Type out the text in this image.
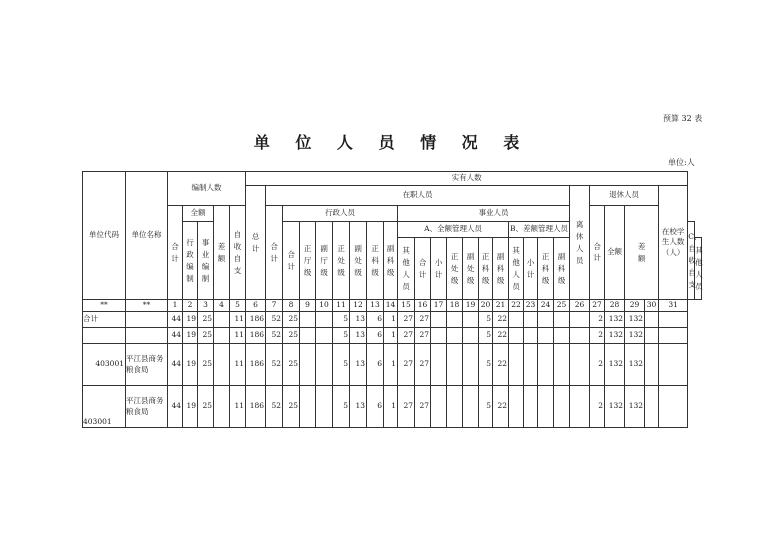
预算 32 表
单 位 人 员 情 况 表
单位:人
单位代码	单位名称	编制人数					实有人数																											
							总计	在职人员																			离休人员	退休人员				在校学生人数（人）		
		合计	全额		差额	自收自支		合计	行政人员							事业人员												合计	全额	差额				
			行政编制	事业编制					合计	正厅级	副厅级	正处级	副处级	正科级	副科级	A、全额管理人员							B、差额管理人员										C、自收自支	
																其他人员	合计	小计	正处级	副处级	正科级	副科级	其他人员	小计	正科级	副科级								其他人员
**	**	1	2	3	4	5	6	7	8	9	10	11	12	13	14	15	16	17	18	19	20	21	22	23	24	25	26	27	28	29	30	31		
合计		44	19	25		11	186	52	25			5	13	6	1	27	27				5	22						2	132	132				
		44	19	25		11	186	52	25			5	13	6	1	27	27				5	22						2	132	132				
403001	平江县商务粮食局	44	19	25		11	186	52	25			5	13	6	1	27	27				5	22						2	132	132				
403001	平江县商务粮食局	44	19	25		11	186	52	25			5	13	6	1	27	27				5	22						2	132	132				
